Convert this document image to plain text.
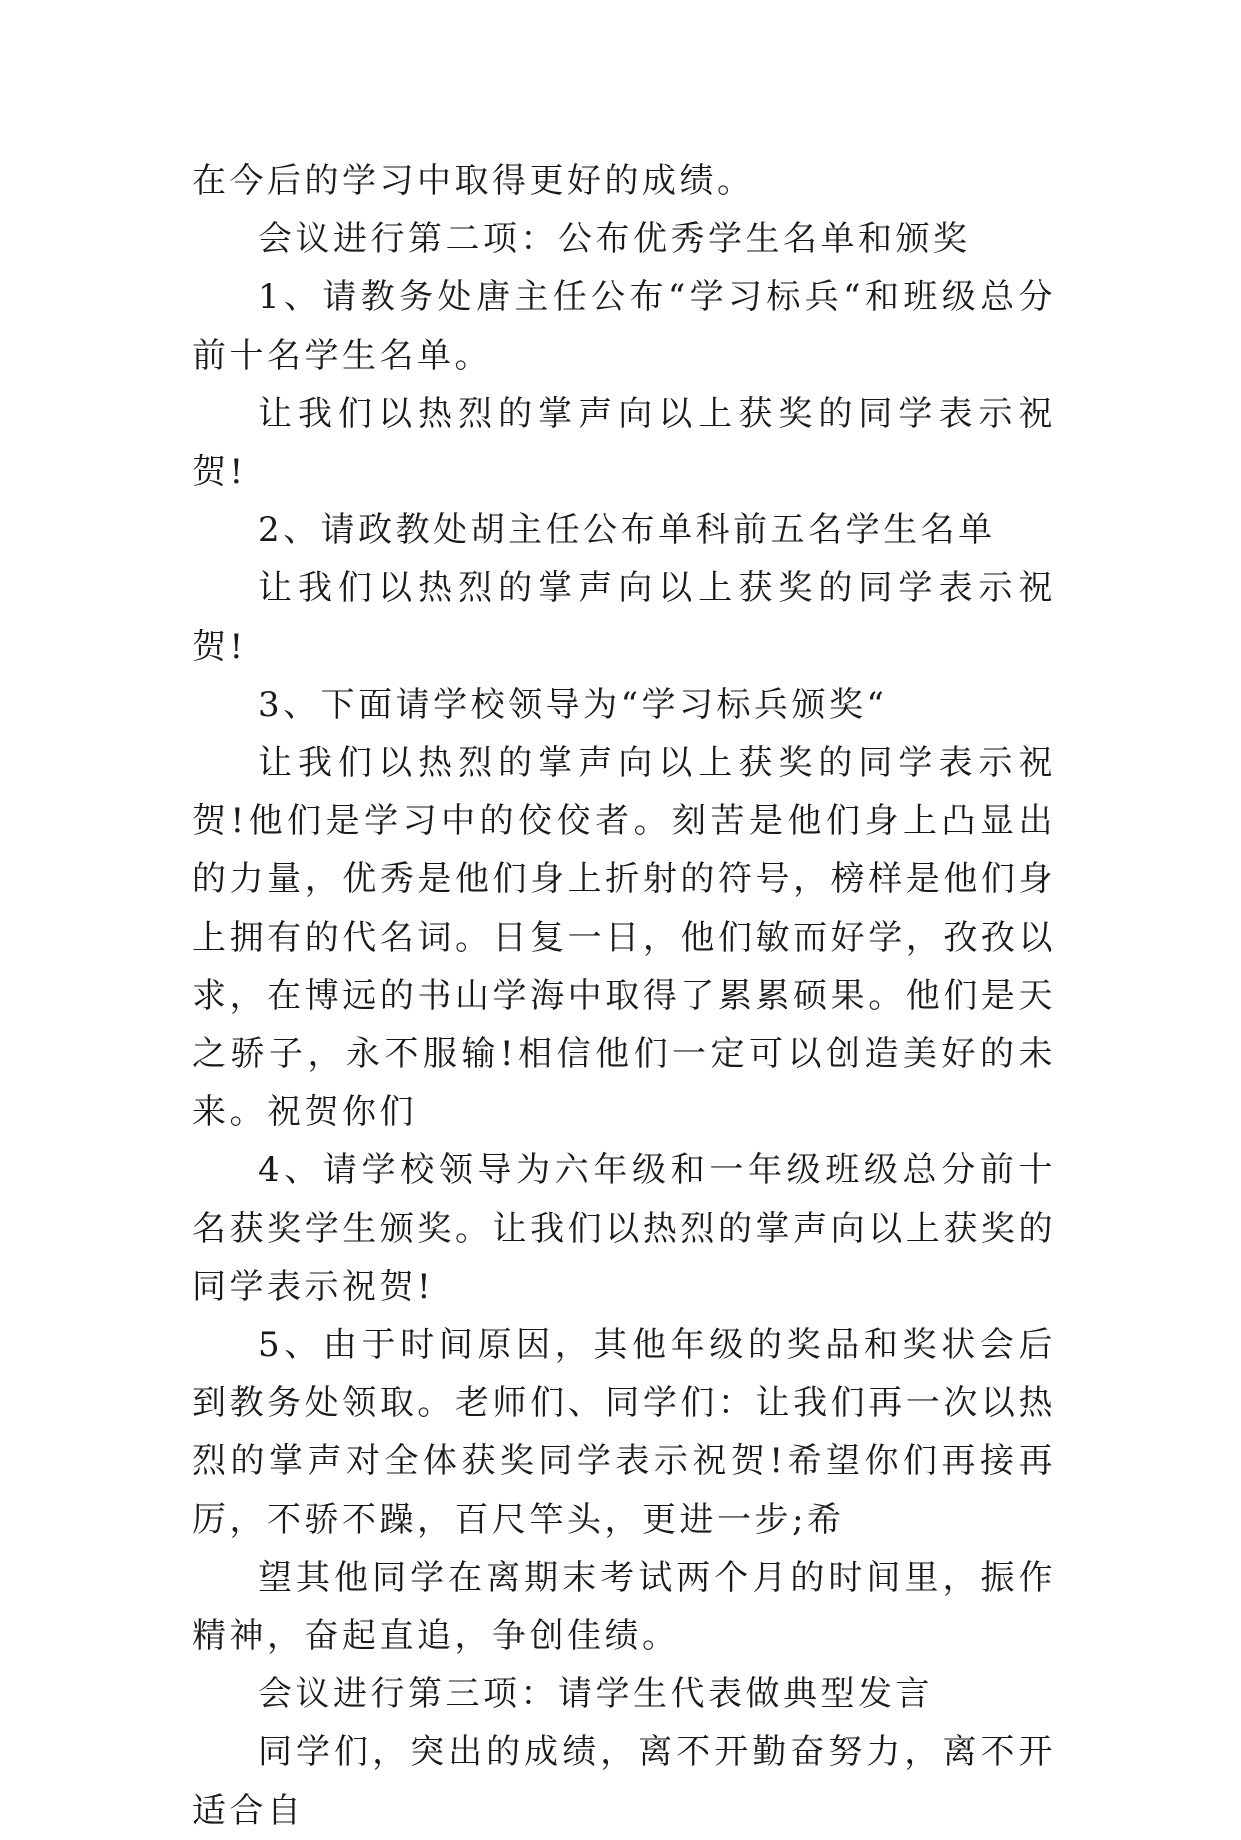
在今后的学习中取得更好的成绩。

会议进行第二项：公布优秀学生名单和颁奖

1、请教务处唐主任公布“学习标兵“和班级总分前十名学生名单。

让我们以热烈的掌声向以上获奖的同学表示祝贺!

2、请政教处胡主任公布单科前五名学生名单

让我们以热烈的掌声向以上获奖的同学表示祝贺!

3、下面请学校领导为“学习标兵颁奖“

让我们以热烈的掌声向以上获奖的同学表示祝贺!他们是学习中的佼佼者。刻苦是他们身上凸显出的力量，优秀是他们身上折射的符号，榜样是他们身上拥有的代名词。日复一日，他们敏而好学，孜孜以求，在博远的书山学海中取得了累累硕果。他们是天之骄子，永不服输!相信他们一定可以创造美好的未来。祝贺你们

4、请学校领导为六年级和一年级班级总分前十名获奖学生颁奖。让我们以热烈的掌声向以上获奖的同学表示祝贺!

5、由于时间原因，其他年级的奖品和奖状会后到教务处领取。老师们、同学们：让我们再一次以热烈的掌声对全体获奖同学表示祝贺!希望你们再接再厉，不骄不躁，百尺竿头，更进一步;希

望其他同学在离期末考试两个月的时间里，振作精神，奋起直追，争创佳绩。

会议进行第三项：请学生代表做典型发言

同学们，突出的成绩，离不开勤奋努力，离不开适合自
